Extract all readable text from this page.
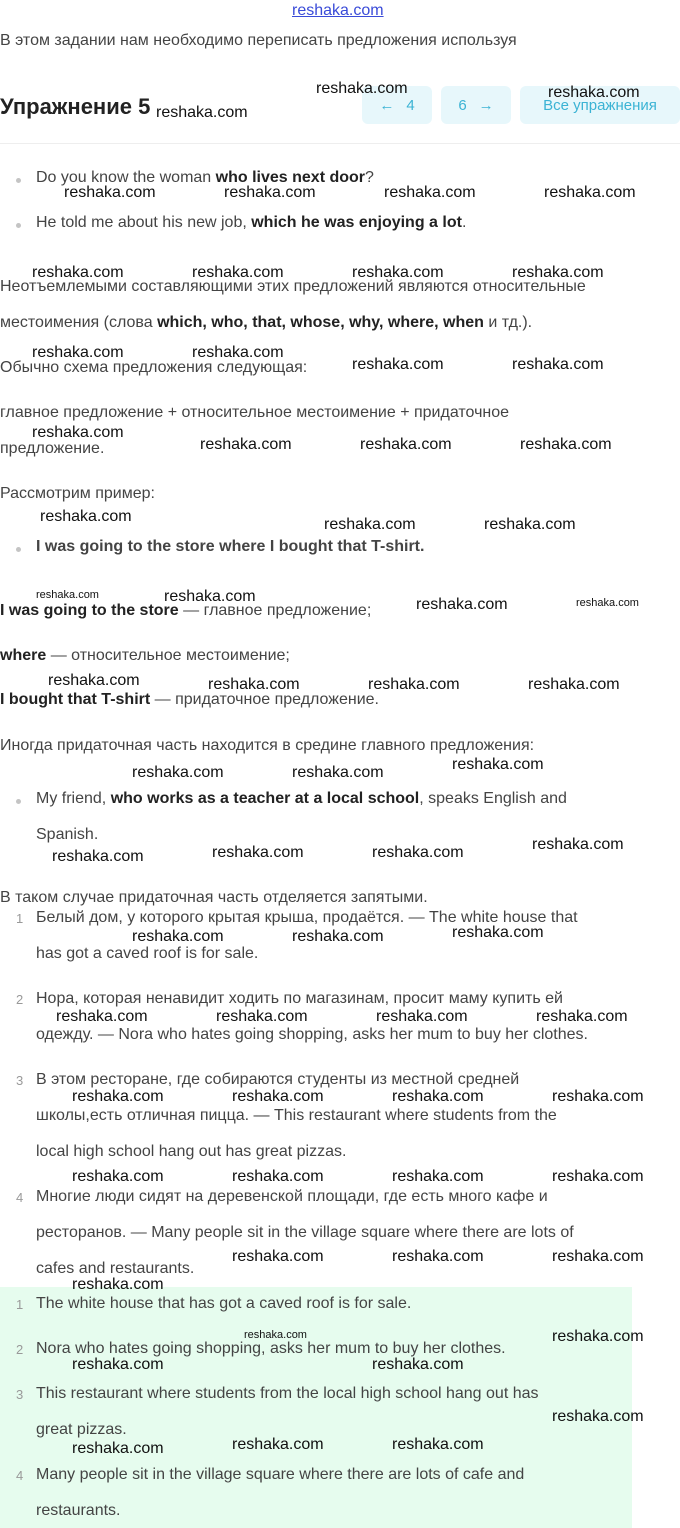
reshaka.com
В этом задании нам необходимо переписать предложения используя
Упражнение 5	← 4	6 →	Все упражнения
Do you know the woman who lives next door?
He told me about his new job, which he was enjoying a lot.
Неотъемлемыми составляющими этих предложений являются относительные
местоимения (слова which, who, that, whose, why, where, when и тд.).
Обычно схема предложения следующая:
главное предложение + относительное местоимение + придаточное
предложение.
Рассмотрим пример:
I was going to the store where I bought that T-shirt.
I was going to the store — главное предложение;
where — относительное местоимение;
I bought that T-shirt — придаточное предложение.
Иногда придаточная часть находится в средине главного предложения:
My friend, who works as a teacher at a local school, speaks English and
Spanish.
В таком случае придаточная часть отделяется запятыми.
1 Белый дом, у которого крытая крыша, продаётся. — The white house that
has got a caved roof is for sale.
2 Нора, которая ненавидит ходить по магазинам, просит маму купить ей
одежду. — Nora who hates going shopping, asks her mum to buy her clothes.
3 В этом ресторане, где собираются студенты из местной средней
школы,есть отличная пицца. — This restaurant where students from the
local high school hang out has great pizzas.
4 Многие люди сидят на деревенской площади, где есть много кафе и
ресторанов. — Many people sit in the village square where there are lots of
cafes and restaurants.
1 The white house that has got a caved roof is for sale.
2 Nora who hates going shopping, asks her mum to buy her clothes.
3 This restaurant where students from the local high school hang out has
great pizzas.
4 Many people sit in the village square where there are lots of cafe and
restaurants.
reshaka.com	reshaka.com
reshaka.com
reshaka.com	reshaka.com	reshaka.com	reshaka.com
reshaka.com	reshaka.com	reshaka.com	reshaka.com
reshaka.com	reshaka.com
reshaka.com	reshaka.com
reshaka.com
reshaka.com	reshaka.com	reshaka.com
reshaka.com	reshaka.com	reshaka.com
reshaka.com	reshaka.com	reshaka.com	reshaka.com
reshaka.com	reshaka.com	reshaka.com	reshaka.com
reshaka.com	reshaka.com	reshaka.com
reshaka.com	reshaka.com	reshaka.com	reshaka.com
reshaka.com	reshaka.com	reshaka.com
reshaka.com	reshaka.com	reshaka.com	reshaka.com
reshaka.com	reshaka.com	reshaka.com	reshaka.com
reshaka.com	reshaka.com	reshaka.com	reshaka.com
reshaka.com	reshaka.com	reshaka.com
reshaka.com
reshaka.com	reshaka.com
reshaka.com	reshaka.com
reshaka.com
reshaka.com	reshaka.com	reshaka.com
